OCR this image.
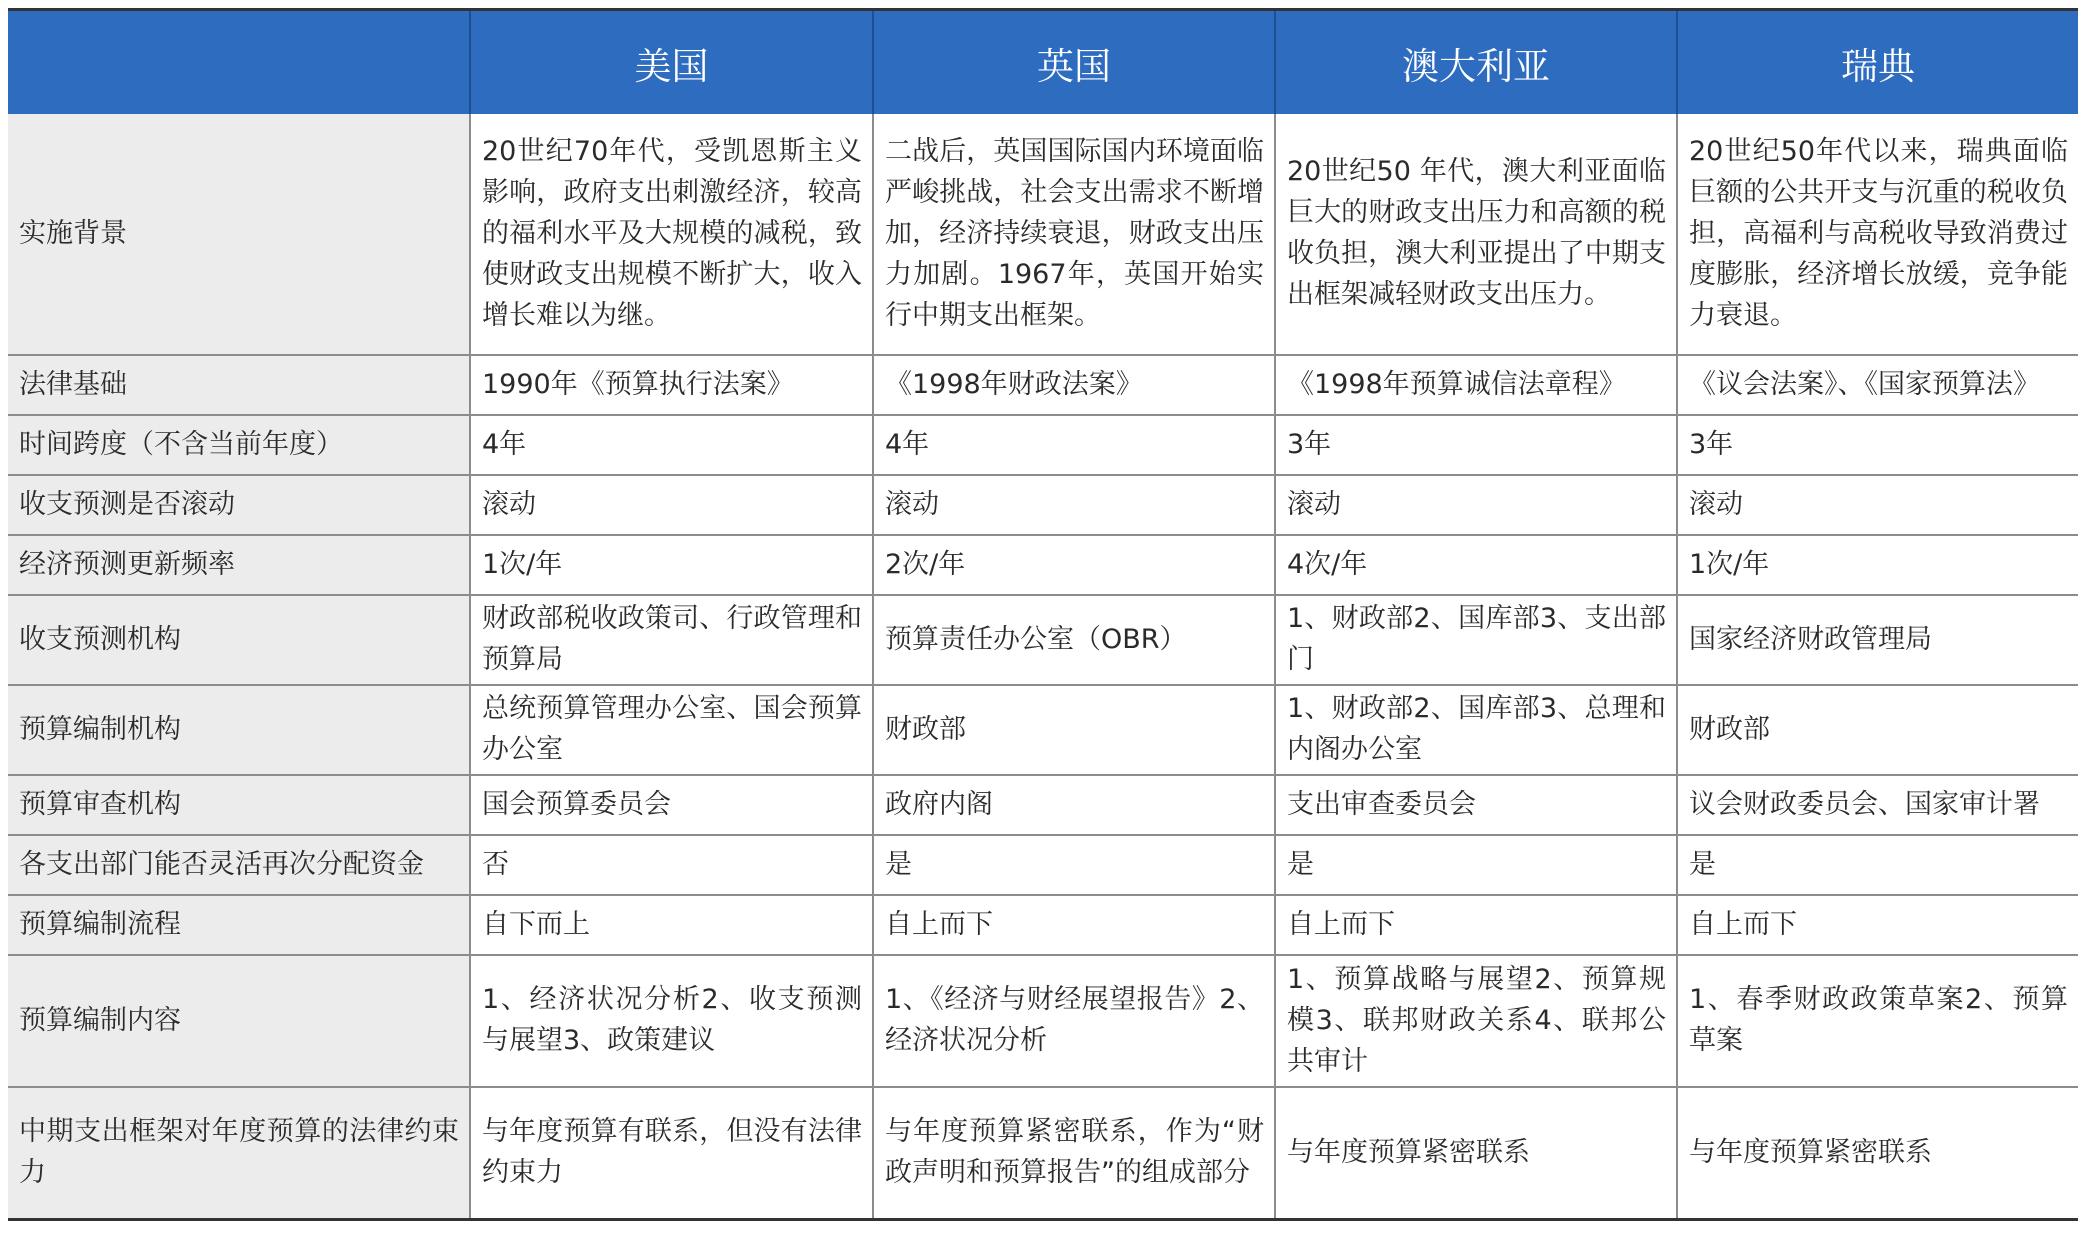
	美国	英国	澳大利亚	瑞典
实施背景	20世纪70年代，受凯恩斯主义影响，政府支出刺激经济，较高的福利水平及大规模的减税，致使财政支出规模不断扩大，收入增长难以为继。	二战后，英国国际国内环境面临严峻挑战，社会支出需求不断增加，经济持续衰退，财政支出压力加剧。1967年，英国开始实行中期支出框架。	20世纪50 年代，澳大利亚面临巨大的财政支出压力和高额的税收负担，澳大利亚提出了中期支出框架减轻财政支出压力。	20世纪50年代以来，瑞典面临巨额的公共开支与沉重的税收负担，高福利与高税收导致消费过度膨胀，经济增长放缓，竞争能力衰退。
法律基础	1990年《预算执行法案》	《1998年财政法案》	《1998年预算诚信法章程》	《议会法案》、《国家预算法》
时间跨度（不含当前年度）	4年	4年	3年	3年
收支预测是否滚动	滚动	滚动	滚动	滚动
经济预测更新频率	1次/年	2次/年	4次/年	1次/年
收支预测机构	财政部税收政策司、行政管理和预算局	预算责任办公室（OBR）	1、财政部2、国库部3、支出部门	国家经济财政管理局
预算编制机构	总统预算管理办公室、国会预算办公室	财政部	1、财政部2、国库部3、总理和内阁办公室	财政部
预算审查机构	国会预算委员会	政府内阁	支出审查委员会	议会财政委员会、国家审计署
各支出部门能否灵活再次分配资金	否	是	是	是
预算编制流程	自下而上	自上而下	自上而下	自上而下
预算编制内容	1、经济状况分析2、收支预测与展望3、政策建议	1、《经济与财经展望报告》2、经济状况分析	1、预算战略与展望2、预算规模3、联邦财政关系4、联邦公共审计	1、春季财政政策草案2、预算草案
中期支出框架对年度预算的法律约束力	与年度预算有联系，但没有法律约束力	与年度预算紧密联系，作为“财政声明和预算报告”的组成部分	与年度预算紧密联系	与年度预算紧密联系
